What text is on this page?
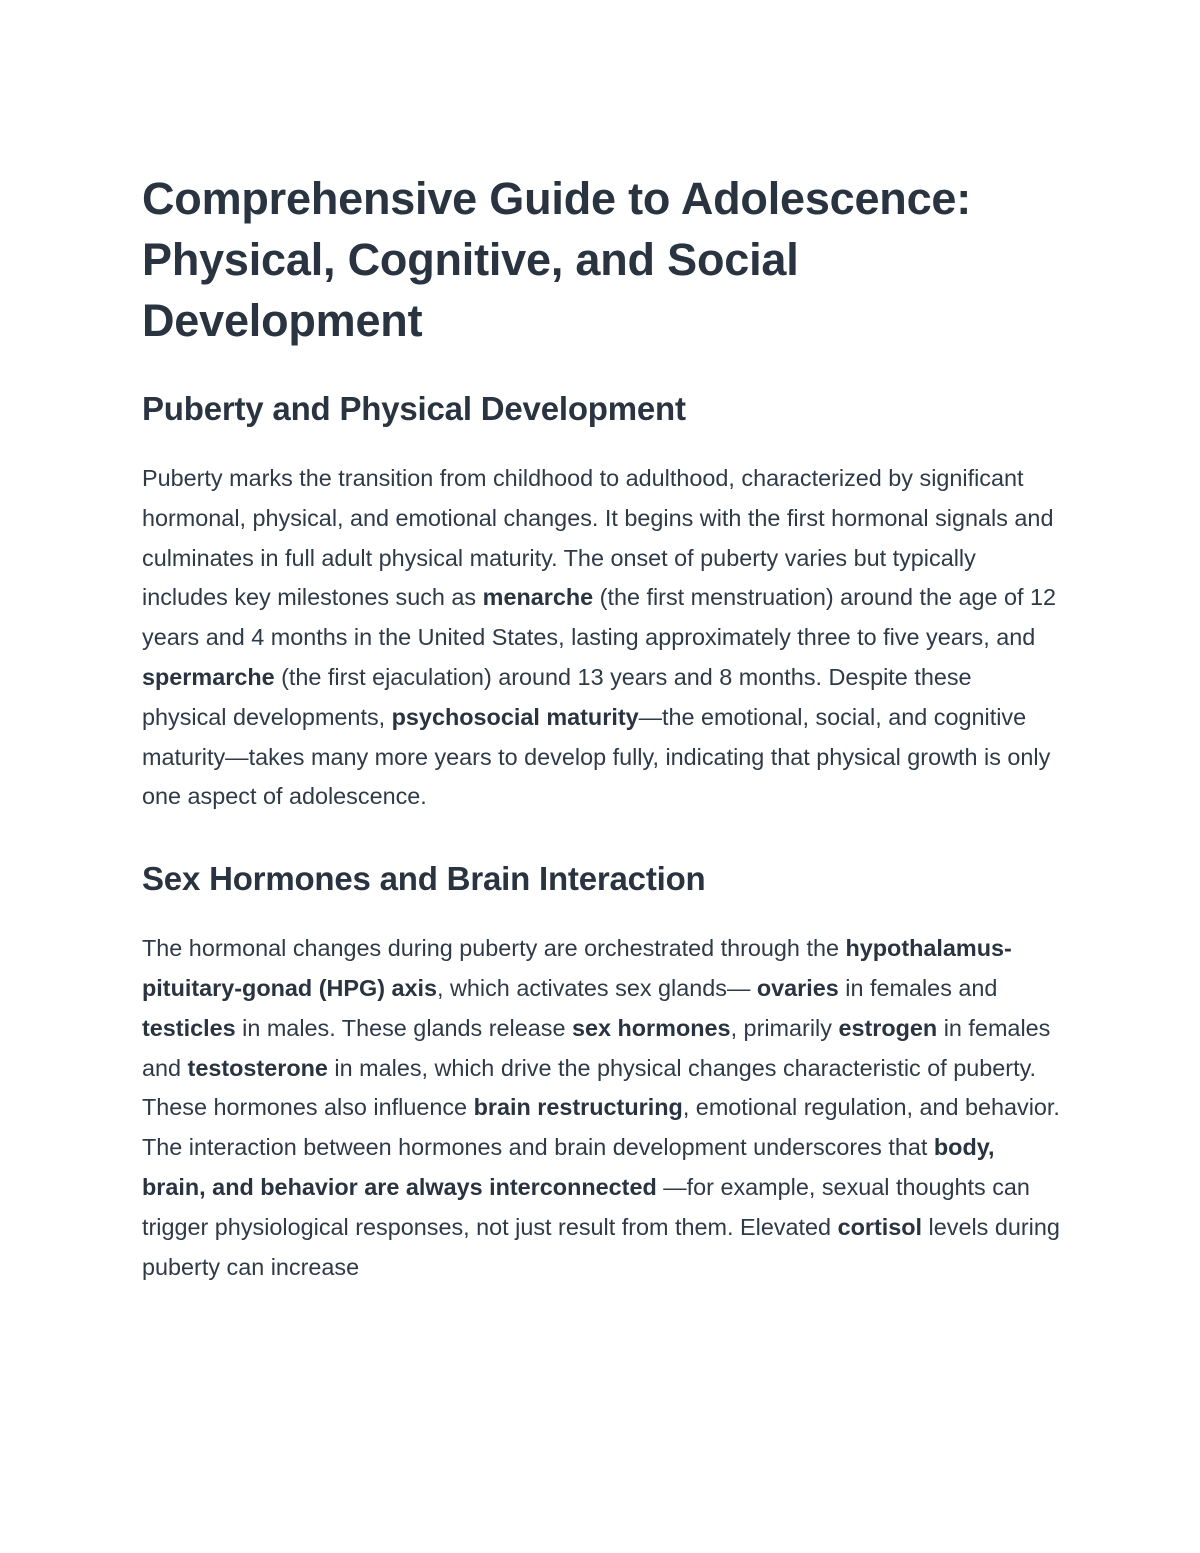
Comprehensive Guide to Adolescence: Physical, Cognitive, and Social Development
Puberty and Physical Development

Puberty marks the transition from childhood to adulthood, characterized by significant hormonal, physical, and emotional changes. It begins with the first hormonal signals and culminates in full adult physical maturity. The onset of puberty varies but typically includes key milestones such as menarche (the first menstruation) around the age of 12 years and 4 months in the United States, lasting approximately three to five years, and spermarche (the first ejaculation) around 13 years and 8 months. Despite these physical developments, psychosocial maturity—the emotional, social, and cognitive maturity—takes many more years to develop fully, indicating that physical growth is only one aspect of adolescence.

Sex Hormones and Brain Interaction

The hormonal changes during puberty are orchestrated through the hypothalamus-pituitary-gonad (HPG) axis, which activates sex glands— ovaries in females and testicles in males. These glands release sex hormones, primarily estrogen in females and testosterone in males, which drive the physical changes characteristic of puberty. These hormones also influence brain restructuring, emotional regulation, and behavior. The interaction between hormones and brain development underscores that body, brain, and behavior are always interconnected —for example, sexual thoughts can trigger physiological responses, not just result from them. Elevated cortisol levels during puberty can increase
